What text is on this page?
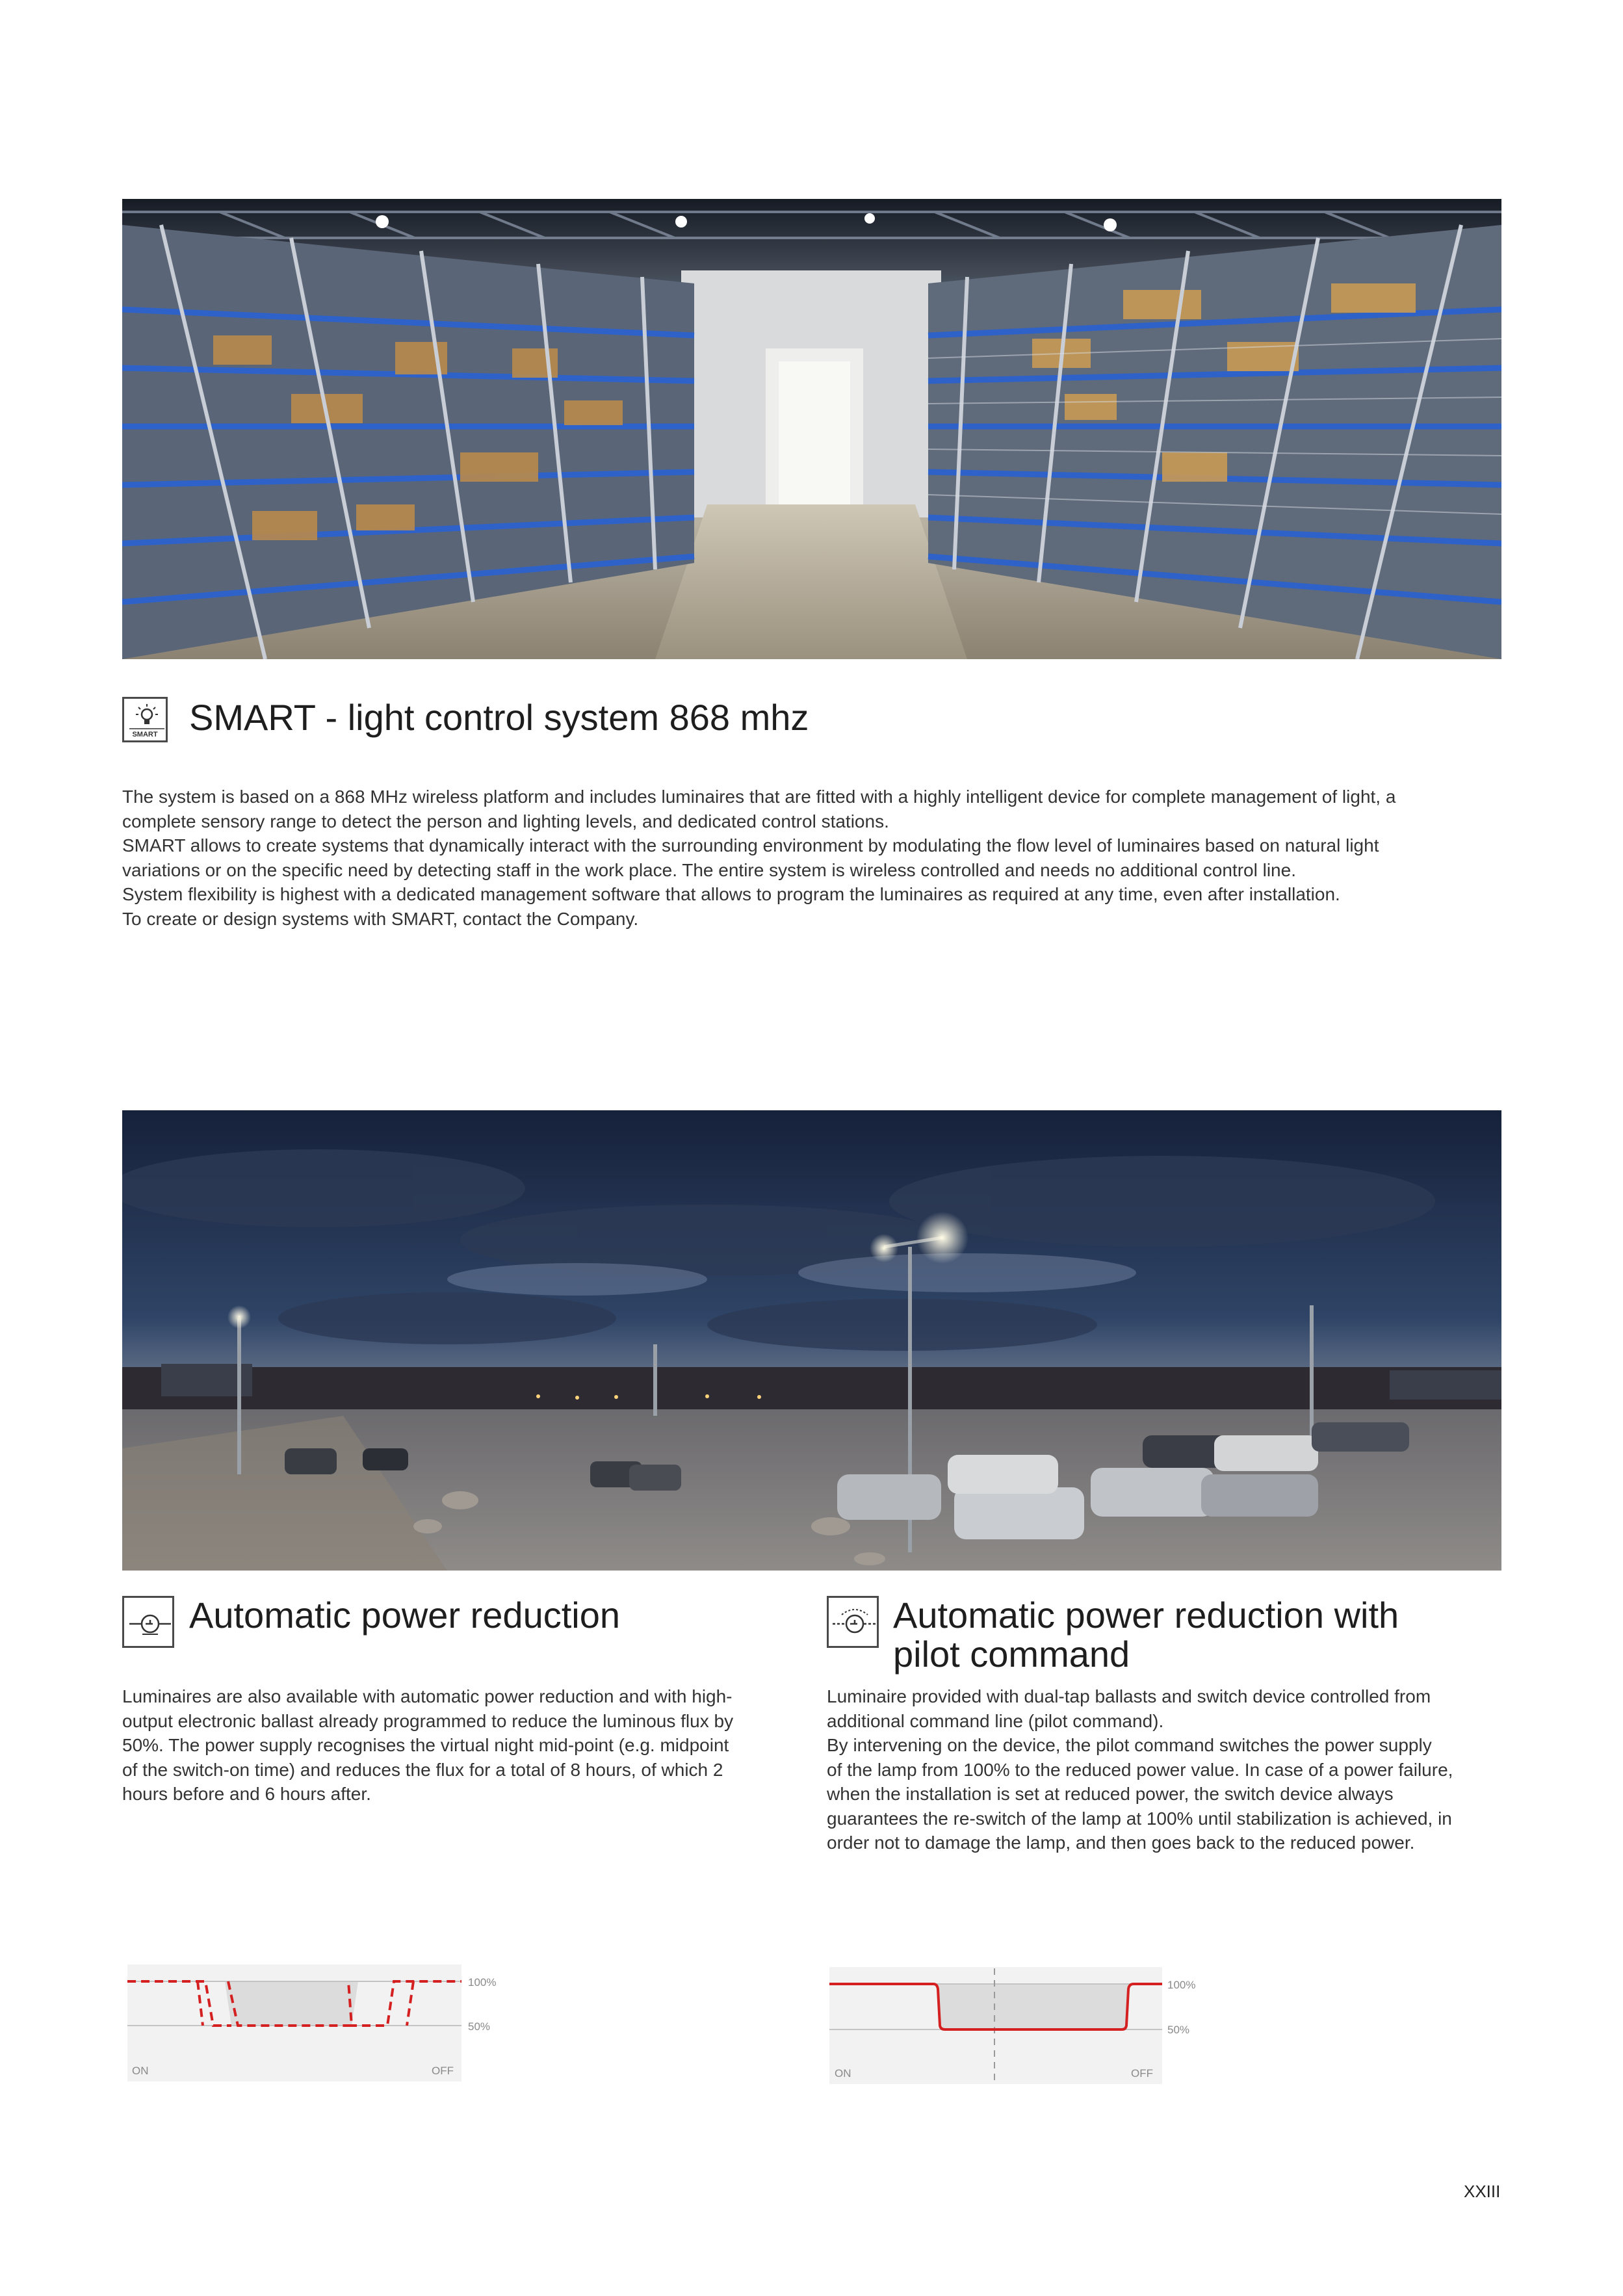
SMART SMART - light control system 868 mhz
The system is based on a 868 MHz wireless platform and includes luminaires that are fitted with a highly intelligent device for complete management of light, a
complete sensory range to detect the person and lighting levels, and dedicated control stations.
SMART allows to create systems that dynamically interact with the surrounding environment by modulating the flow level of luminaires based on natural light
variations or on the specific need by detecting staff in the work place. The entire system is wireless controlled and needs no additional control line.
System flexibility is highest with a dedicated management software that allows to program the luminaires as required at any time, even after installation.
To create or design systems with SMART, contact the Company.
Automatic power reduction
Luminaires are also available with automatic power reduction and with high-
output electronic ballast already programmed to reduce the luminous flux by
50%. The power supply recognises the virtual night mid-point (e.g. midpoint
of the switch-on time) and reduces the flux for a total of 8 hours, of which 2
hours before and 6 hours after.
100%
50%
ON	OFF
Automatic power reduction with
pilot command
Luminaire provided with dual-tap ballasts and switch device controlled from
additional command line (pilot command).
By intervening on the device, the pilot command switches the power supply
of the lamp from 100% to the reduced power value. In case of a power failure,
when the installation is set at reduced power, the switch device always
guarantees the re-switch of the lamp at 100% until stabilization is achieved, in
order not to damage the lamp, and then goes back to the reduced power.
100%
50%
ON	OFF
XXIII
